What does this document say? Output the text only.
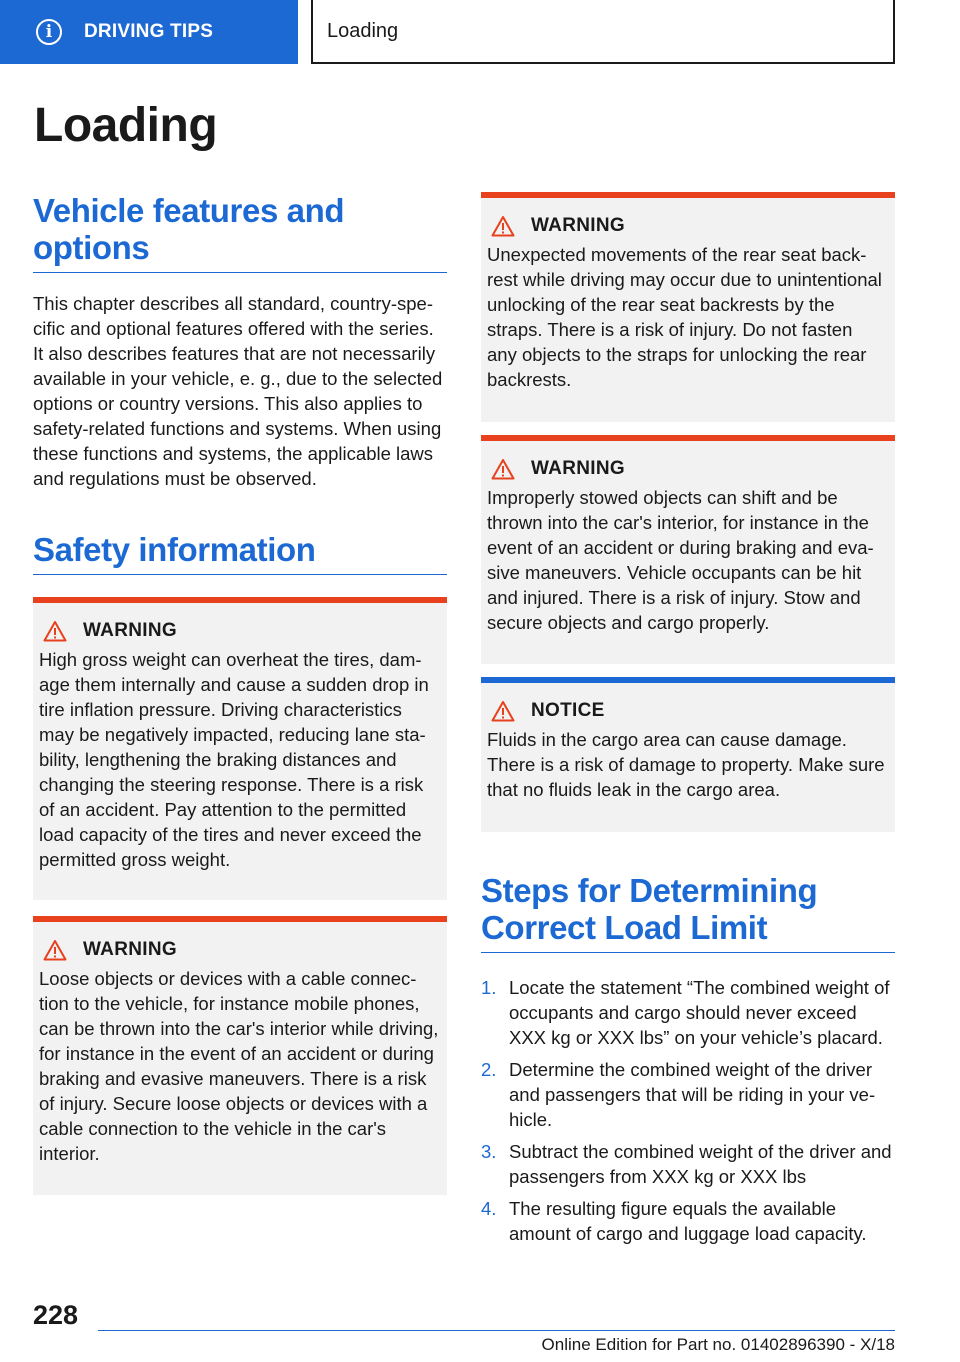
i	DRIVING TIPS	Loading
Loading
Vehicle features and options

This chapter describes all standard, country-specific and optional features offered with the series. It also describes features that are not necessarily available in your vehicle, e. g., due to the selected options or country versions. This also applies to safety-related functions and systems. When using these functions and systems, the applicable laws and regulations must be observed.

Safety information
WARNING

High gross weight can overheat the tires, damage them internally and cause a sudden drop in tire inflation pressure. Driving characteristics may be negatively impacted, reducing lane stability, lengthening the braking distances and changing the steering response. There is a risk of an accident. Pay attention to the permitted load capacity of the tires and never exceed the permitted gross weight.

WARNING

Loose objects or devices with a cable connection to the vehicle, for instance mobile phones, can be thrown into the car's interior while driving, for instance in the event of an accident or during braking and evasive maneuvers. There is a risk of injury. Secure loose objects or devices with a cable connection to the vehicle in the car's interior.

WARNING

Unexpected movements of the rear seat backrest while driving may occur due to unintentional unlocking of the rear seat backrests by the straps. There is a risk of injury. Do not fasten any objects to the straps for unlocking the rear backrests.

WARNING

Improperly stowed objects can shift and be thrown into the car's interior, for instance in the event of an accident or during braking and evasive maneuvers. Vehicle occupants can be hit and injured. There is a risk of injury. Stow and secure objects and cargo properly.

NOTICE

Fluids in the cargo area can cause damage. There is a risk of damage to property. Make sure that no fluids leak in the cargo area.

Steps for Determining Correct Load Limit
1. Locate the statement “The combined weight of occupants and cargo should never exceed XXX kg or XXX lbs” on your vehicle’s placard.
2. Determine the combined weight of the driver and passengers that will be riding in your vehicle.
3. Subtract the combined weight of the driver and passengers from XXX kg or XXX lbs
4. The resulting figure equals the available amount of cargo and luggage load capacity.
228
Online Edition for Part no. 01402896390 - X/18
